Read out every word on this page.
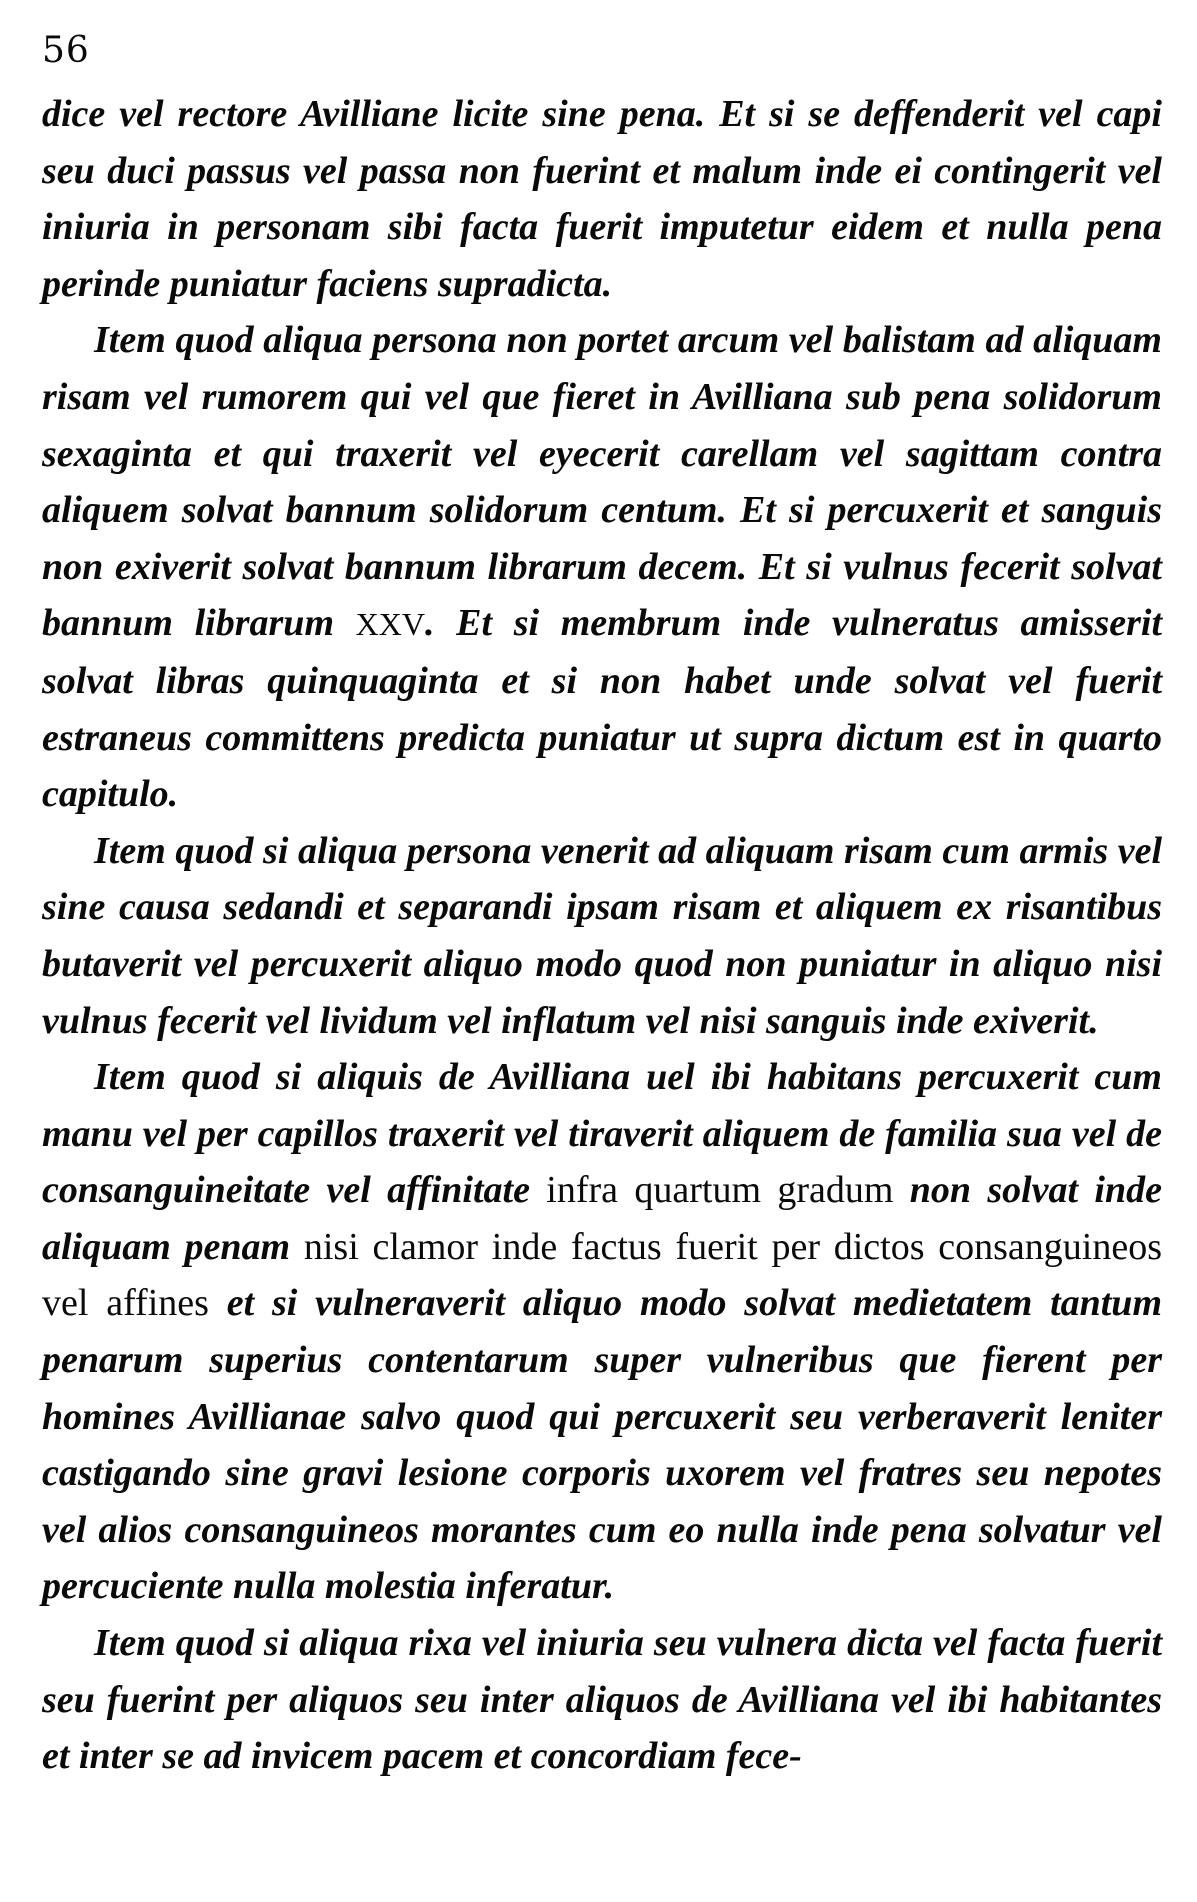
56

dice vel rectore Avilliane licite sine pena. Et si se deffenderit vel capi seu duci passus vel passa non fuerint et malum inde ei contingerit vel iniuria in personam sibi facta fuerit imputetur eidem et nulla pena perinde puniatur faciens supradicta.

Item quod aliqua persona non portet arcum vel balistam ad aliquam risam vel rumorem qui vel que fieret in Avilliana sub pena solidorum sexaginta et qui traxerit vel eyecerit carellam vel sagittam contra aliquem solvat bannum solidorum centum. Et si percuxerit et sanguis non exiverit solvat bannum librarum decem. Et si vulnus fecerit solvat bannum librarum XXV. Et si membrum inde vulneratus amisserit solvat libras quinquaginta et si non habet unde solvat vel fuerit estraneus committens predicta puniatur ut supra dictum est in quarto capitulo.

Item quod si aliqua persona venerit ad aliquam risam cum armis vel sine causa sedandi et separandi ipsam risam et aliquem ex risantibus butaverit vel percuxerit aliquo modo quod non puniatur in aliquo nisi vulnus fecerit vel lividum vel inflatum vel nisi sanguis inde exiverit.

Item quod si aliquis de Avilliana uel ibi habitans percuxerit cum manu vel per capillos traxerit vel tiraverit aliquem de familia sua vel de consanguineitate vel affinitate infra quartum gradum non solvat inde aliquam penam nisi clamor inde factus fuerit per dictos consanguineos vel affines et si vulneraverit aliquo modo solvat medietatem tantum penarum superius contentarum super vulneribus que fierent per homines Avillianae salvo quod qui percuxerit seu verberaverit leniter castigando sine gravi lesione corporis uxorem vel fratres seu nepotes vel alios consanguineos morantes cum eo nulla inde pena solvatur vel percuciente nulla molestia inferatur.

Item quod si aliqua rixa vel iniuria seu vulnera dicta vel facta fuerit seu fuerint per aliquos seu inter aliquos de Avilliana vel ibi habitantes et inter se ad invicem pacem et concordiam fece-
